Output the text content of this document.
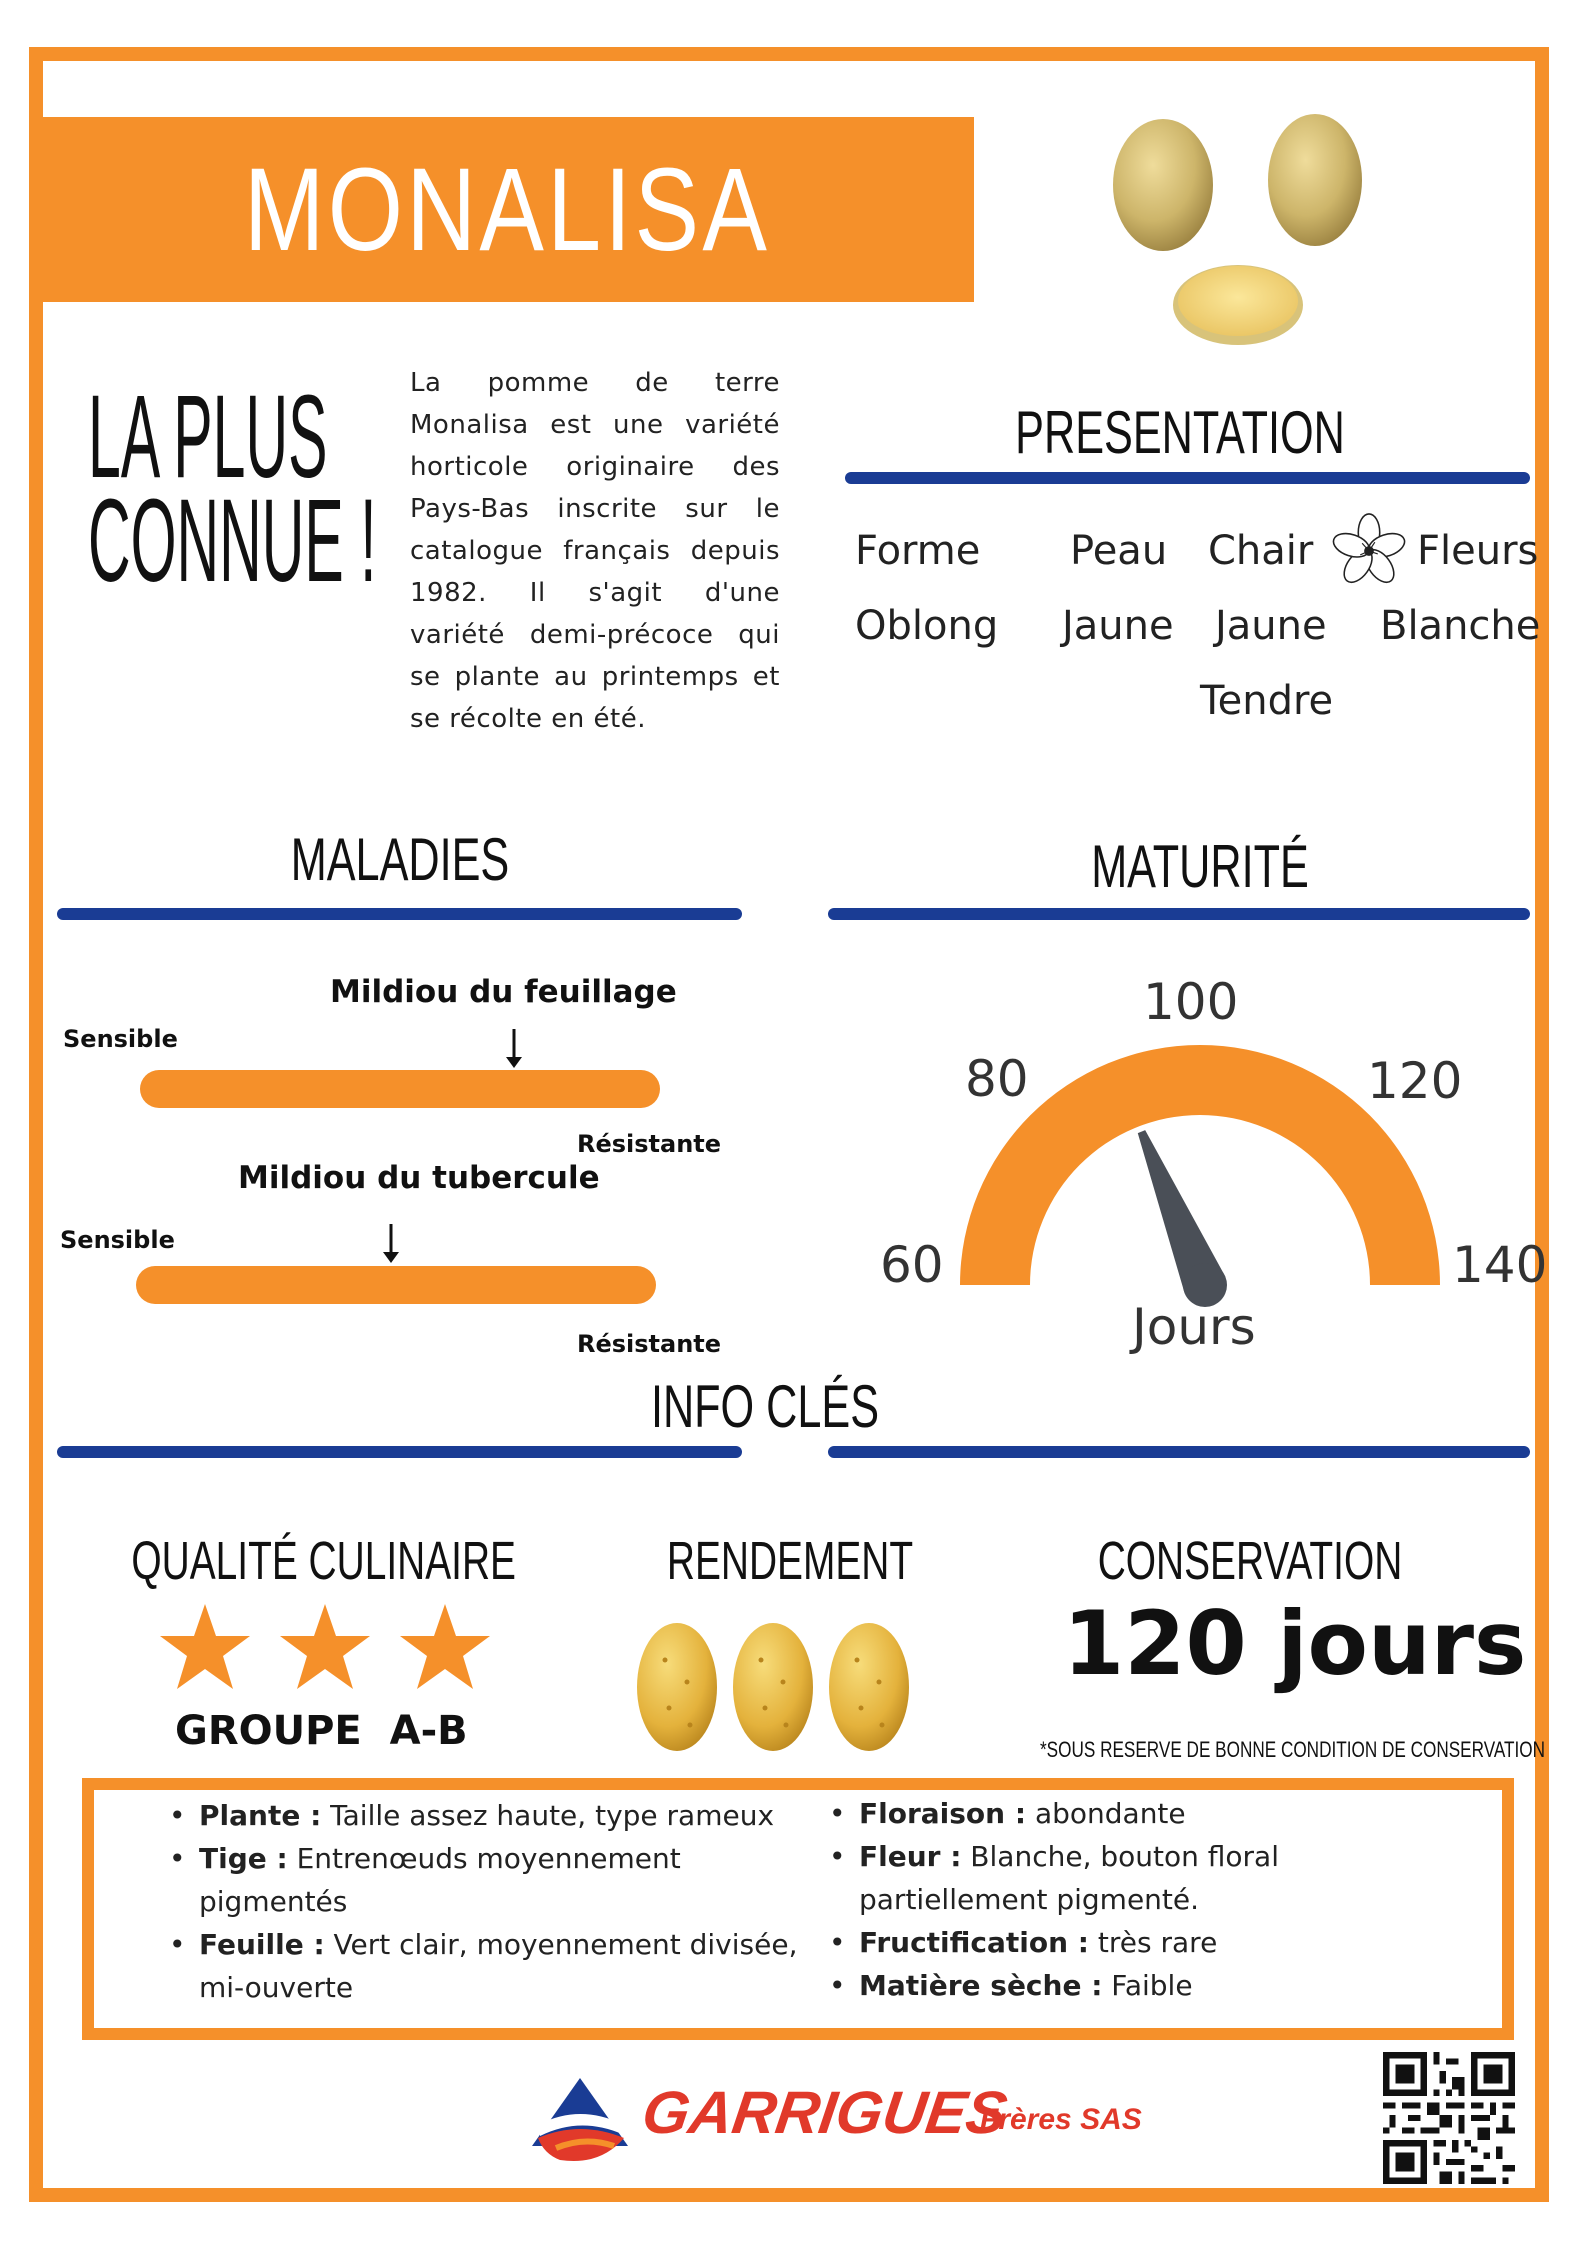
MONALISA
LA PLUS
CONNUE !
La pomme de terre Monalisa est une variété horticole originaire des Pays-Bas inscrite sur le catalogue français depuis 1982. Il s'agit d'une variété demi-précoce qui se plante au printemps et se récolte en été.
PRESENTATION
Forme
Oblong
Peau
Jaune
Chair
Jaune
Tendre
Fleurs
Blanche
MALADIES
Mildiou du feuillage
Sensible
Résistante
Mildiou du tubercule
Sensible
Résistante
MATURITÉ
60
80
100
120
140
Jours
INFO CLÉS
QUALITÉ CULINAIRE
GROUPE  A-B
RENDEMENT	CONSERVATION
120 jours
*SOUS RESERVE DE BONNE CONDITION DE CONSERVATION
• Plante : Taille assez haute, type rameux
• Tige : Entrenœuds moyennement pigmentés
• Feuille : Vert clair, moyennement divisée, mi-ouverte
• Floraison : abondante
• Fleur : Blanche, bouton floral partiellement pigmenté.
• Fructification : très rare
• Matière sèche : Faible
GARRIGUES
Frères SAS
